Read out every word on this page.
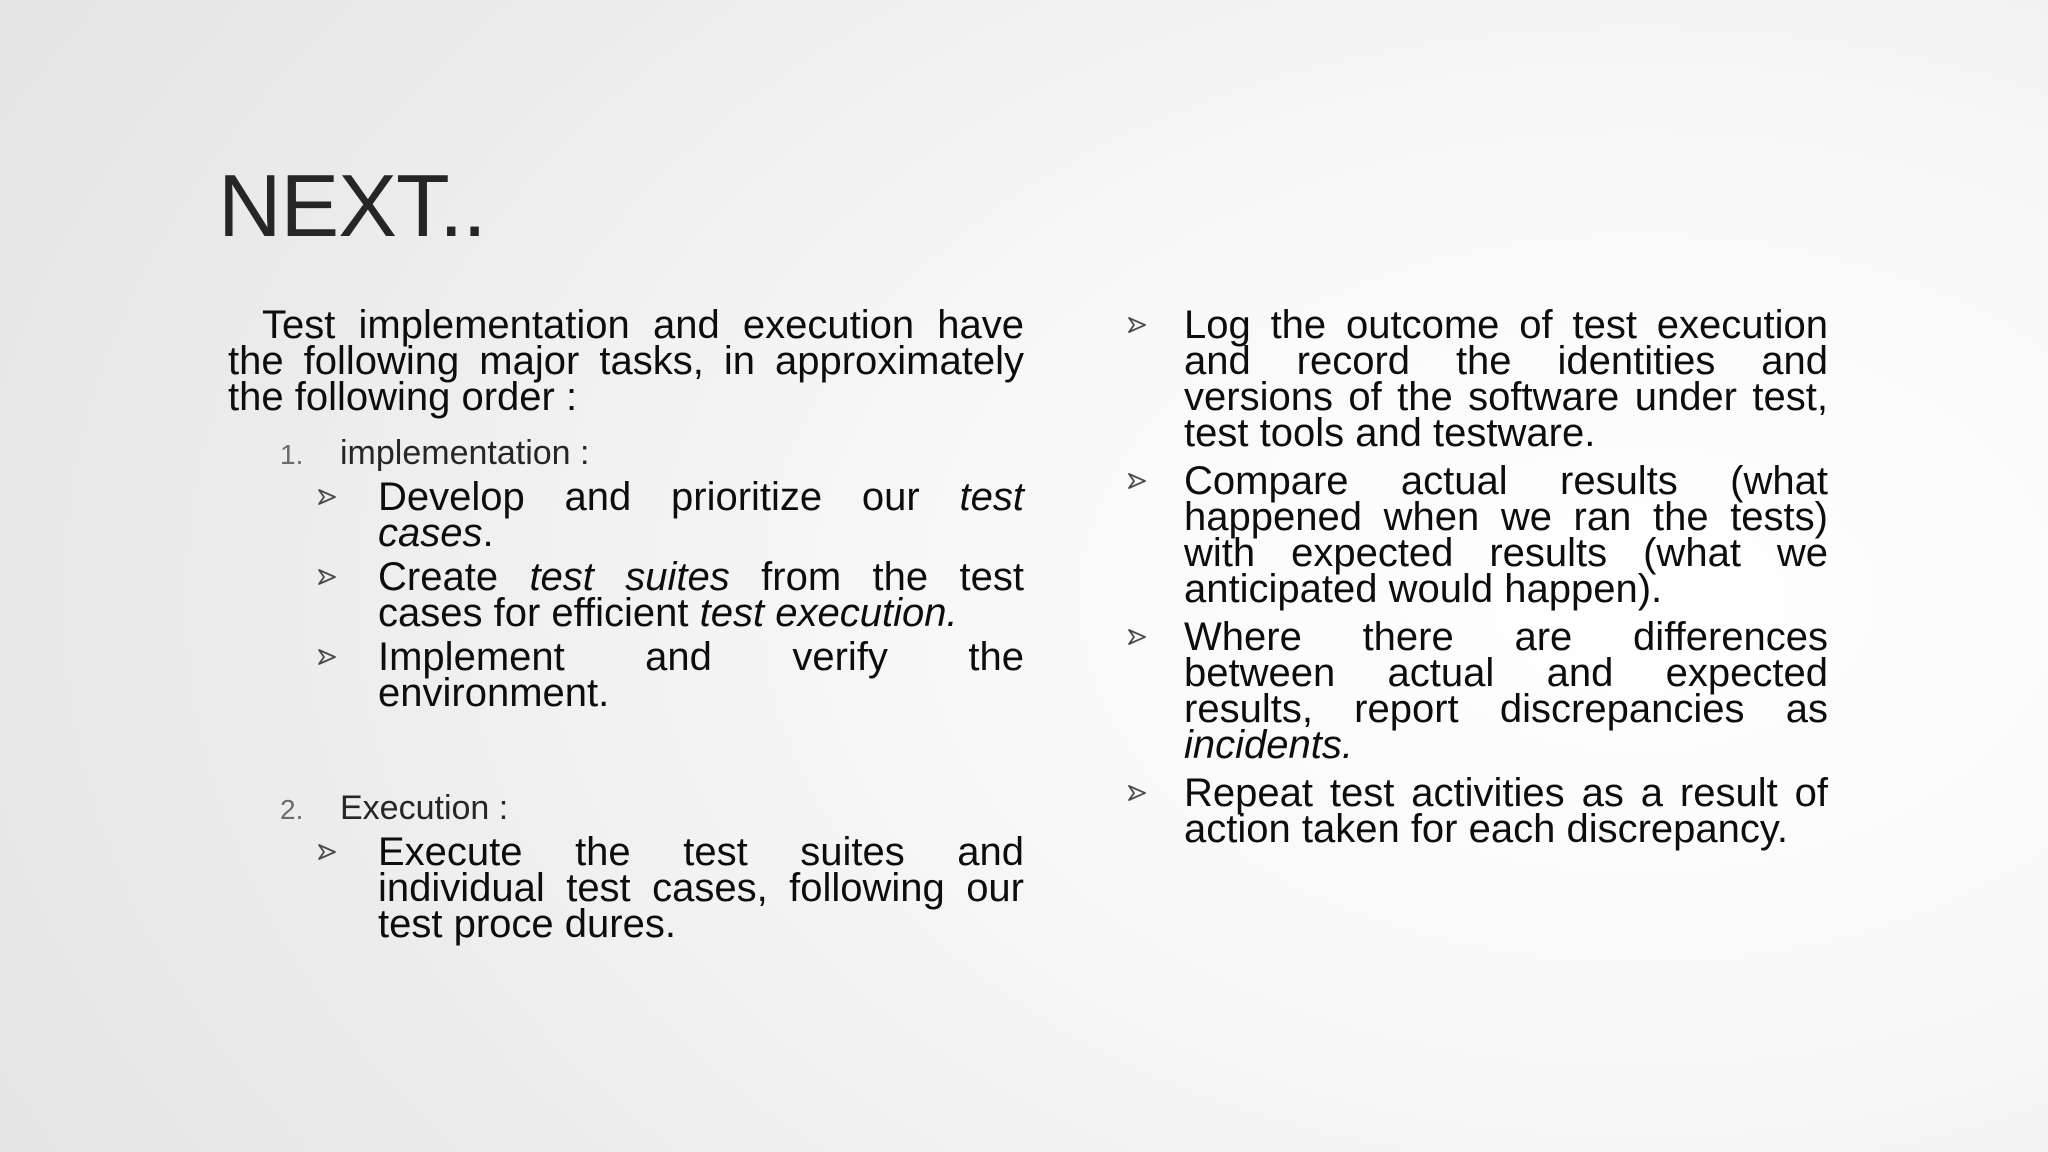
NEXT..

Test implementation and execution have the following major tasks, in approximately the following order :

1. implementation :
Develop and prioritize our test cases.
Create test suites from the test cases for efficient test execution.
Implement and verify the environment.
2. Execution :
Execute the test suites and individual test cases, following our test proce dures.
Log the outcome of test execution and record the identities and versions of the software under test, test tools and testware.
Compare actual results (what happened when we ran the tests) with expected results (what we anticipated would happen).
Where there are differences between actual and expected results, report discrepancies as incidents.
Repeat test activities as a result of action taken for each discrepancy.
